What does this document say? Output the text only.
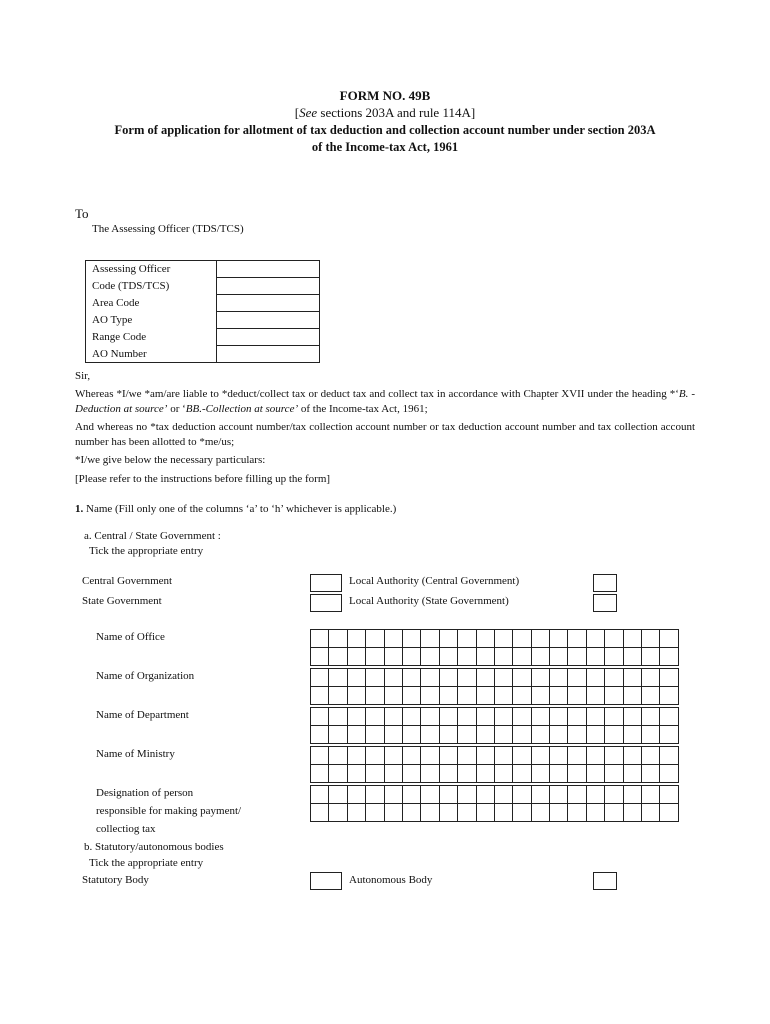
FORM NO. 49B
[See sections 203A and rule 114A]
Form of application for allotment of tax deduction and collection account number under section 203A
of the Income-tax Act, 1961
To
The Assessing Officer (TDS/TCS)
Assessing Officer	
Code (TDS/TCS)	
Area Code	
AO Type	
Range Code	
AO Number	
Sir,
Whereas *I/we *am/are liable to *deduct/collect tax or deduct tax and collect tax in accordance with Chapter XVII under the heading *‘B. - Deduction at source’ or ‘BB.-Collection at source’ of the Income-tax Act, 1961;
And whereas no *tax deduction account number/tax collection account number or tax deduction account number and tax collection account number has been allotted to *me/us;
*I/we give below the necessary particulars:
[Please refer to the instructions before filling up the form]
1. Name (Fill only one of the columns ‘a’ to ‘h’ whichever is applicable.)
a. Central / State Government :
Tick the appropriate entry
Central Government	Local Authority (Central Government)
State Government	Local Authority (State Government)
Name of Office
Name of Organization
Name of Department
Name of Ministry
Designation of person
responsible for making payment/
collectiog tax
b. Statutory/autonomous bodies
Tick the appropriate entry
Statutory Body	Autonomous Body
